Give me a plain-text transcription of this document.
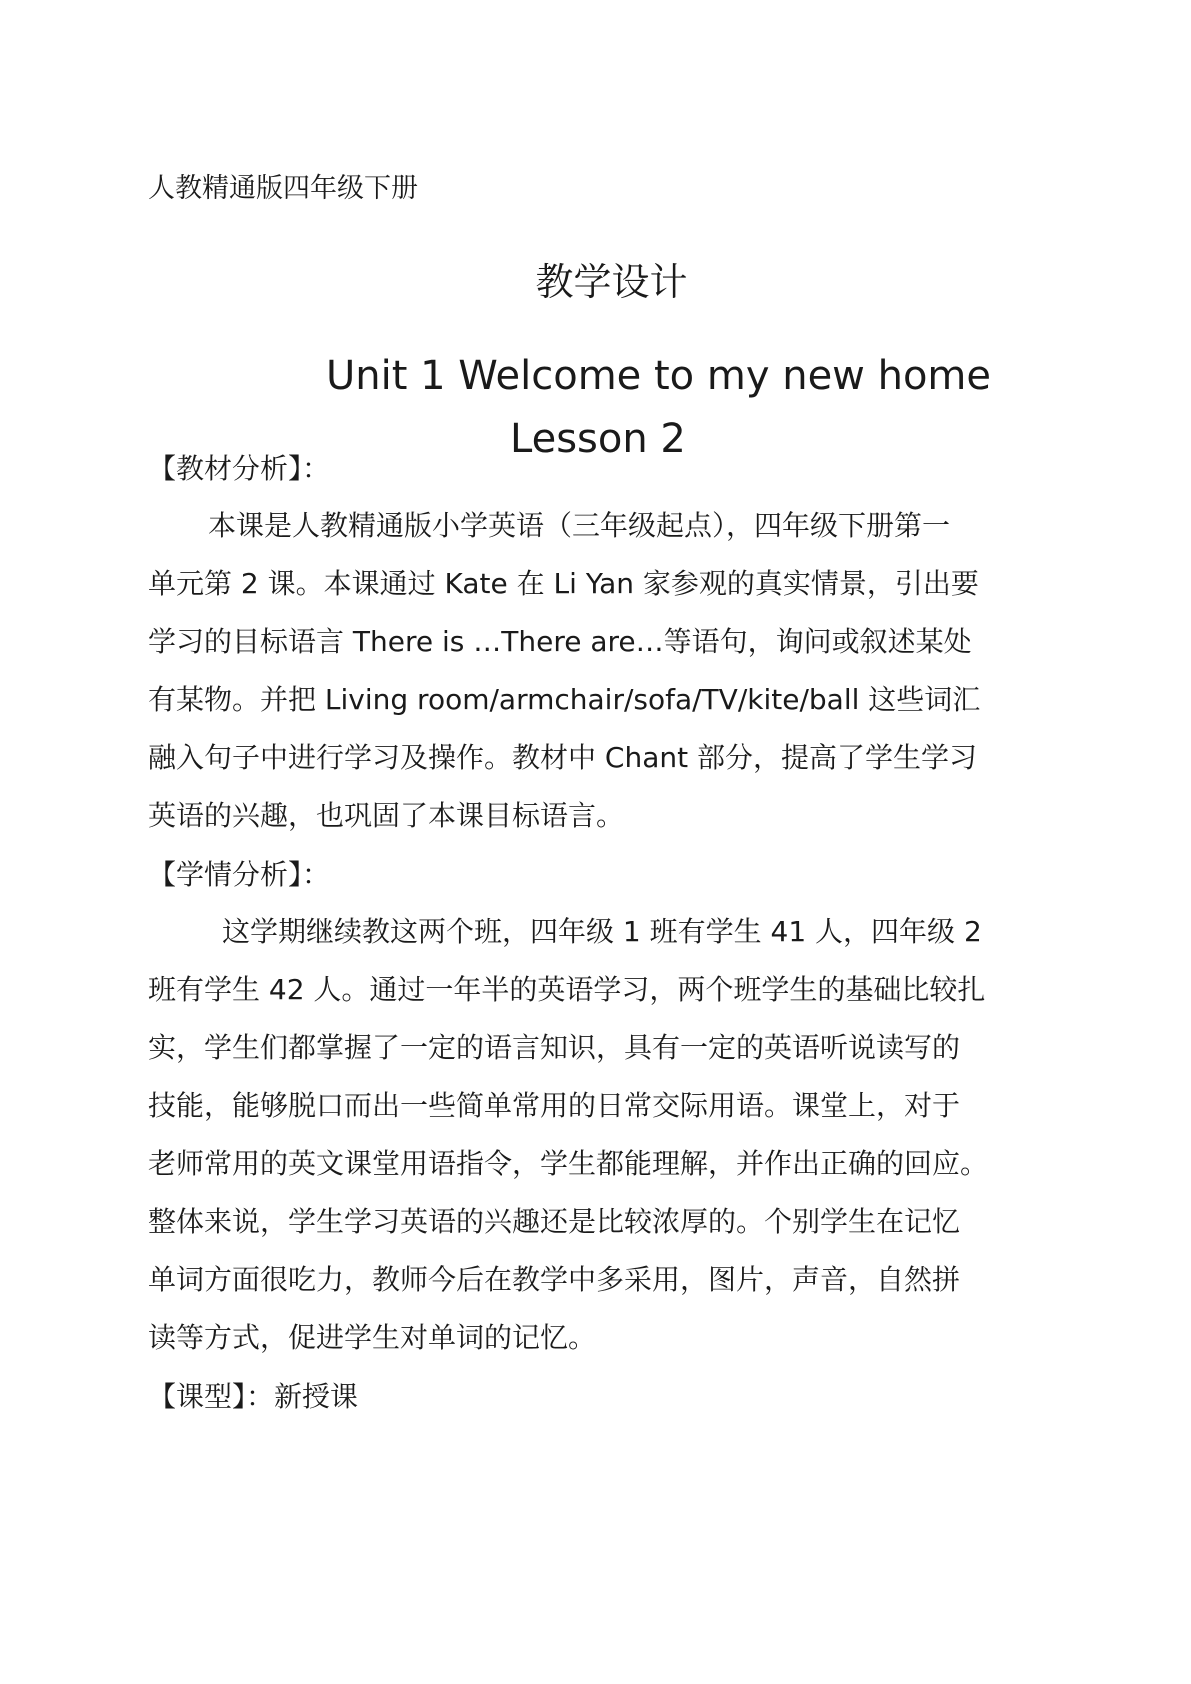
人教精通版四年级下册
教学设计
Unit 1 Welcome to my new home
Lesson 2
【教材分析】：
本课是人教精通版小学英语（三年级起点），四年级下册第一
单元第 2 课。本课通过 Kate 在 Li Yan 家参观的真实情景，引出要
学习的目标语言 There is …There are…等语句，询问或叙述某处
有某物。并把 Living room/armchair/sofa/TV/kite/ball 这些词汇
融入句子中进行学习及操作。教材中 Chant 部分，提高了学生学习
英语的兴趣，也巩固了本课目标语言。
【学情分析】：
这学期继续教这两个班，四年级 1 班有学生 41 人，四年级 2
班有学生 42 人。通过一年半的英语学习，两个班学生的基础比较扎
实，学生们都掌握了一定的语言知识，具有一定的英语听说读写的
技能，能够脱口而出一些简单常用的日常交际用语。课堂上，对于
老师常用的英文课堂用语指令，学生都能理解，并作出正确的回应。
整体来说，学生学习英语的兴趣还是比较浓厚的。个别学生在记忆
单词方面很吃力，教师今后在教学中多采用，图片，声音，自然拼
读等方式，促进学生对单词的记忆。
【课型】：新授课
